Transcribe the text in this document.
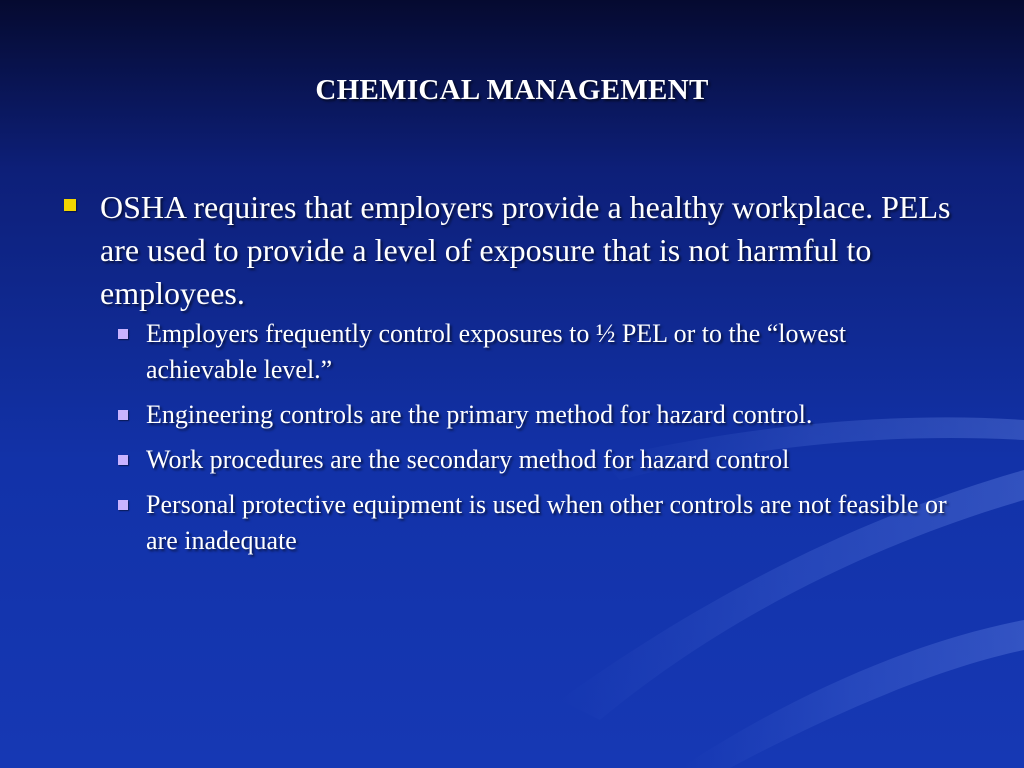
CHEMICAL MANAGEMENT
OSHA requires that employers provide a healthy workplace. PELs are used to provide a level of exposure that is not harmful to employees.
Employers frequently control exposures to ½ PEL or to the “lowest achievable level.”
Engineering controls are the primary method for hazard control.
Work procedures are the secondary method for hazard control
Personal protective equipment is used when other controls are not feasible or are inadequate
